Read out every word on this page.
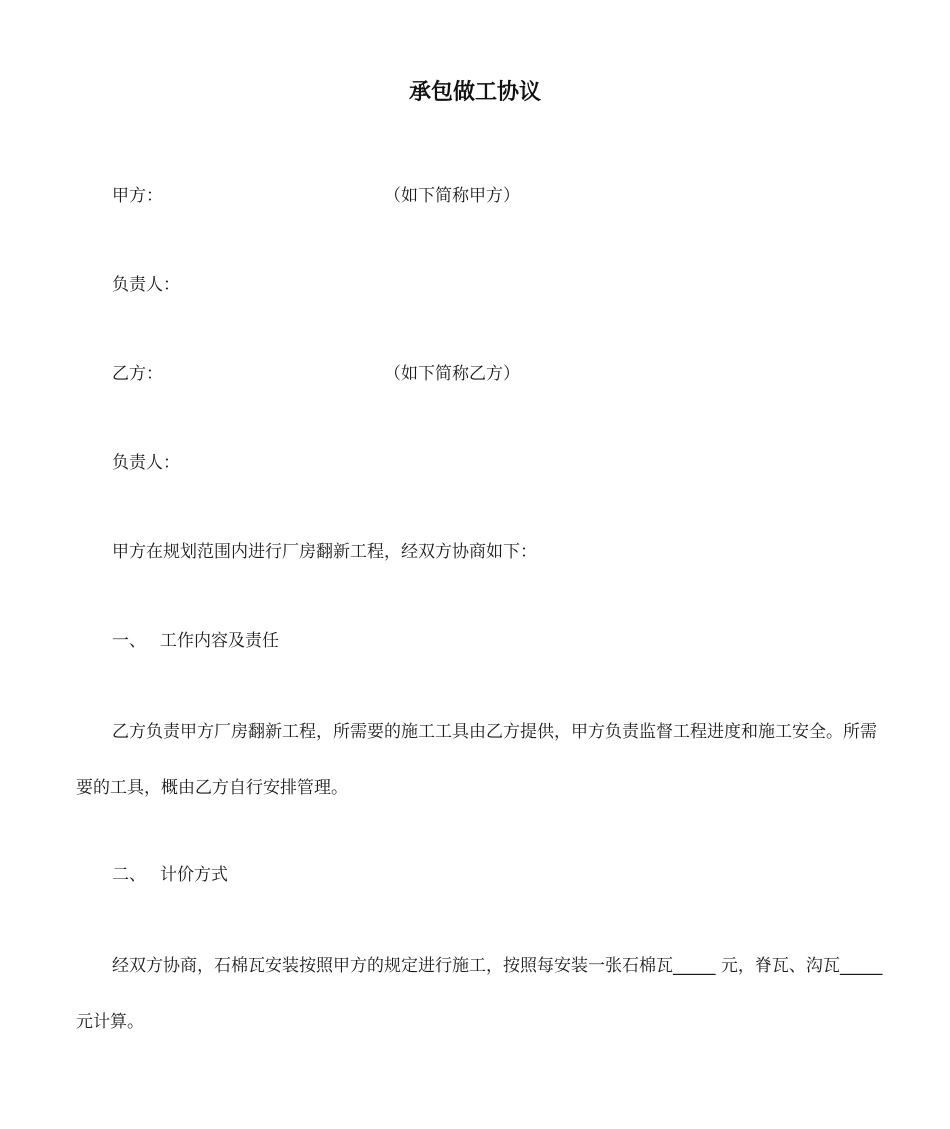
承包做工协议
甲方：	（如下简称甲方）
负责人：
乙方：	（如下简称乙方）
负责人：
甲方在规划范围内进行厂房翻新工程，经双方协商如下：
一、 工作内容及责任

乙方负责甲方厂房翻新工程，所需要的施工工具由乙方提供，甲方负责监督工程进度和施工安全。所需要的工具，概由乙方自行安排管理。

二、 计价方式

经双方协商，石棉瓦安装按照甲方的规定进行施工，按照每安装一张石棉瓦_____ 元，脊瓦、沟瓦_____元计算。
